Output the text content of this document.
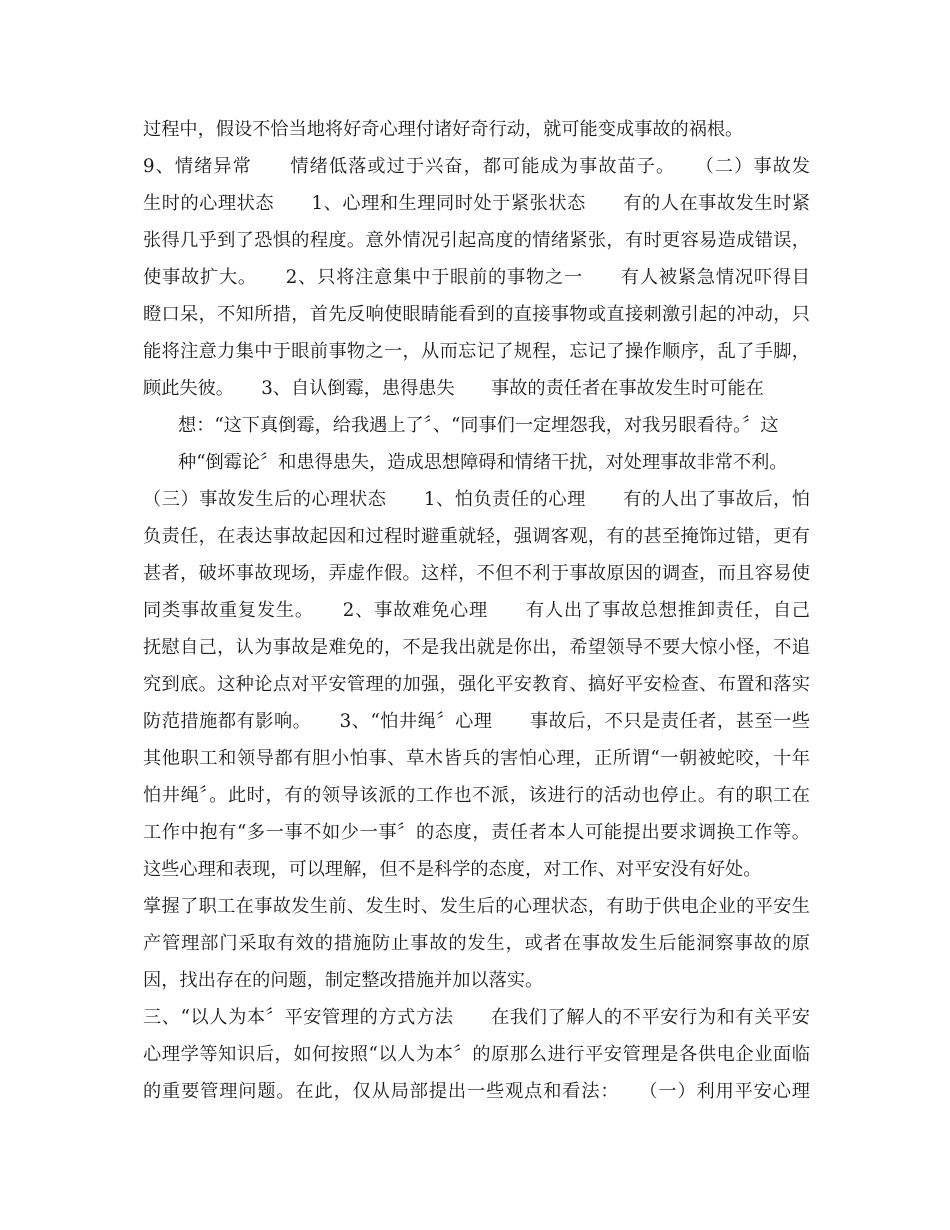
过程中，假设不恰当地将好奇心理付诸好奇行动，就可能变成事故的祸根。
9、情绪异常　　情绪低落或过于兴奋，都可能成为事故苗子。　　（二）事故发
生时的心理状态　　1、心理和生理同时处于紧张状态　　有的人在事故发生时紧
张得几乎到了恐惧的程度。意外情况引起高度的情绪紧张，有时更容易造成错误，
使事故扩大。　　2、只将注意集中于眼前的事物之一　　有人被紧急情况吓得目
瞪口呆，不知所措，首先反响使眼睛能看到的直接事物或直接刺激引起的冲动，只
能将注意力集中于眼前事物之一，从而忘记了规程，忘记了操作顺序，乱了手脚，
顾此失彼。　　3、自认倒霉，患得患失　　事故的责任者在事故发生时可能在
想：“这下真倒霉，给我遇上了〞、“同事们一定埋怨我，对我另眼看待。〞这
种“倒霉论〞和患得患失，造成思想障碍和情绪干扰，对处理事故非常不利。
（三）事故发生后的心理状态　　1、怕负责任的心理　　有的人出了事故后，怕
负责任，在表达事故起因和过程时避重就轻，强调客观，有的甚至掩饰过错，更有
甚者，破坏事故现场，弄虚作假。这样，不但不利于事故原因的调查，而且容易使
同类事故重复发生。　　2、事故难免心理　　有人出了事故总想推卸责任，自己
抚慰自己，认为事故是难免的，不是我出就是你出，希望领导不要大惊小怪，不追
究到底。这种论点对平安管理的加强，强化平安教育、搞好平安检查、布置和落实
防范措施都有影响。　　3、“怕井绳〞心理　　事故后，不只是责任者，甚至一些
其他职工和领导都有胆小怕事、草木皆兵的害怕心理，正所谓“一朝被蛇咬，十年
怕井绳〞。此时，有的领导该派的工作也不派，该进行的活动也停止。有的职工在
工作中抱有“多一事不如少一事〞的态度，责任者本人可能提出要求调换工作等。
这些心理和表现，可以理解，但不是科学的态度，对工作、对平安没有好处。
掌握了职工在事故发生前、发生时、发生后的心理状态，有助于供电企业的平安生
产管理部门采取有效的措施防止事故的发生，或者在事故发生后能洞察事故的原
因，找出存在的问题，制定整改措施并加以落实。
三、“以人为本〞平安管理的方式方法　　在我们了解人的不平安行为和有关平安
心理学等知识后，如何按照“以人为本〞的原那么进行平安管理是各供电企业面临
的重要管理问题。在此，仅从局部提出一些观点和看法：　　（一）利用平安心理
